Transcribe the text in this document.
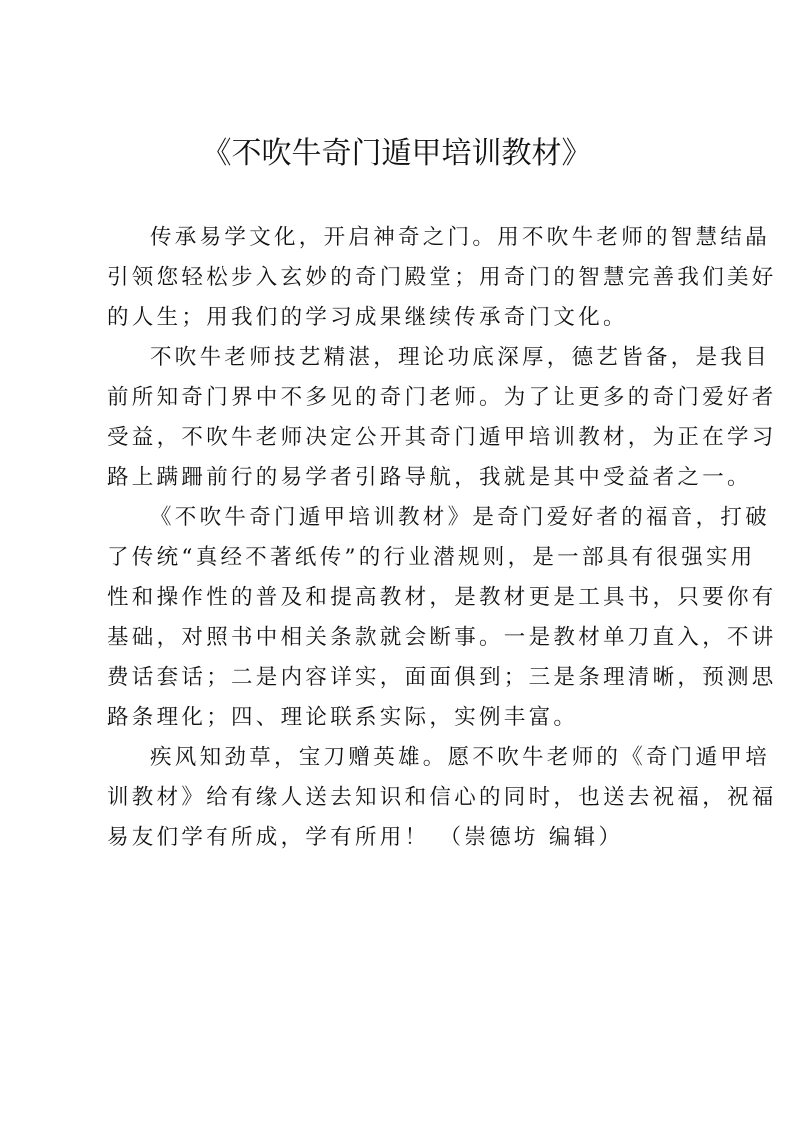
《不吹牛奇门遁甲培训教材》

传承易学文化，开启神奇之门。用不吹牛老师的智慧结晶
引领您轻松步入玄妙的奇门殿堂；用奇门的智慧完善我们美好
的人生；用我们的学习成果继续传承奇门文化。

不吹牛老师技艺精湛，理论功底深厚，德艺皆备，是我目
前所知奇门界中不多见的奇门老师。为了让更多的奇门爱好者
受益，不吹牛老师决定公开其奇门遁甲培训教材，为正在学习
路上蹒跚前行的易学者引路导航，我就是其中受益者之一。

《不吹牛奇门遁甲培训教材》是奇门爱好者的福音，打破
了传统“真经不著纸传”的行业潜规则，是一部具有很强实用
性和操作性的普及和提高教材，是教材更是工具书，只要你有
基础，对照书中相关条款就会断事。一是教材单刀直入，不讲
费话套话；二是内容详实，面面俱到；三是条理清晰，预测思
路条理化；四、理论联系实际，实例丰富。

疾风知劲草，宝刀赠英雄。愿不吹牛老师的《奇门遁甲培
训教材》给有缘人送去知识和信心的同时，也送去祝福，祝福
易友们学有所成，学有所用！ （崇德坊 编辑）
